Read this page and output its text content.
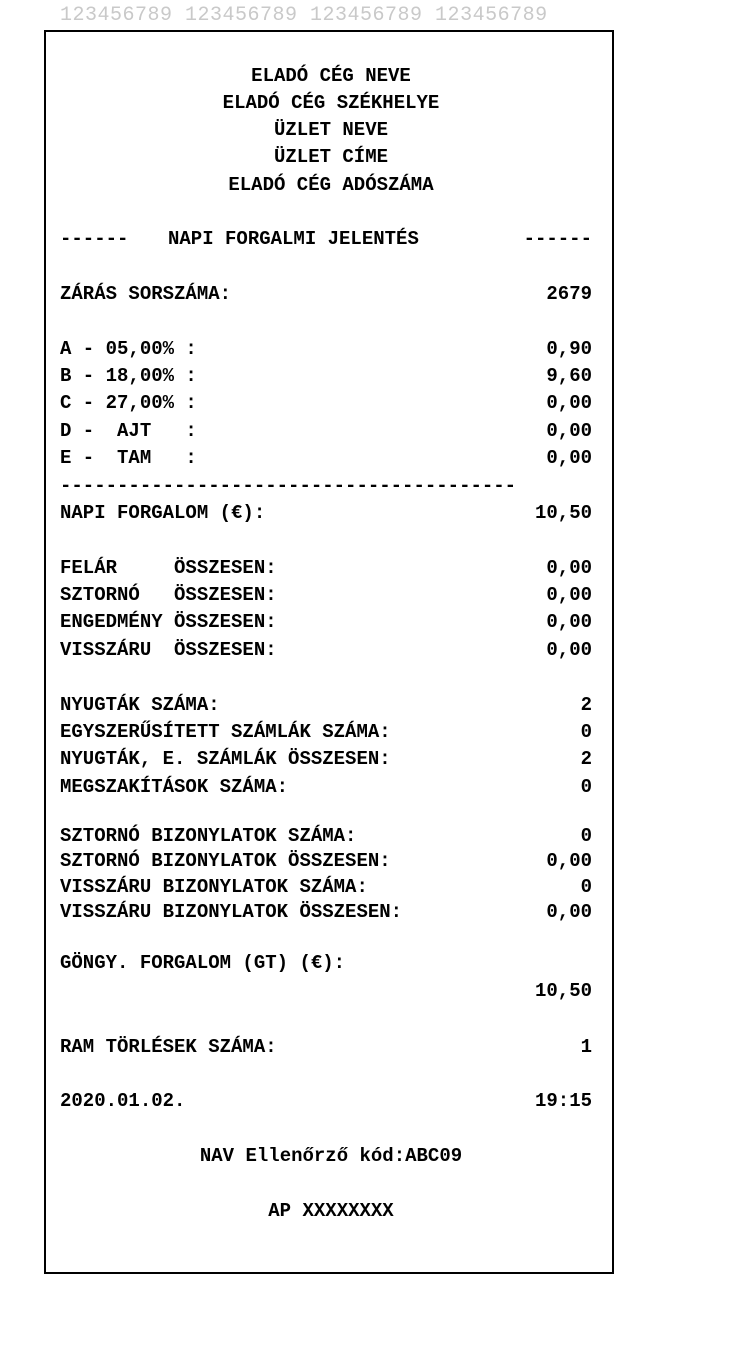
123456789 123456789 123456789 123456789
ELADÓ CÉG NEVE
ELADÓ CÉG SZÉKHELYE
ÜZLET NEVE
ÜZLET CÍME
ELADÓ CÉG ADÓSZÁMA
------ NAPI FORGALMI JELENTÉS	------
ZÁRÁS SORSZÁMA:	2679
A - 05,00% :	0,90
B - 18,00% :	9,60
C - 27,00% :	0,00
D -  AJT   :	0,00
E -  TAM   :	0,00
----------------------------------------
NAPI FORGALOM (€):	10,50
FELÁR     ÖSSZESEN:	0,00
SZTORNÓ   ÖSSZESEN:	0,00
ENGEDMÉNY ÖSSZESEN:	0,00
VISSZÁRU  ÖSSZESEN:	0,00
NYUGTÁK SZÁMA:	2
EGYSZERŰSÍTETT SZÁMLÁK SZÁMA:	0
NYUGTÁK, E. SZÁMLÁK ÖSSZESEN:	2
MEGSZAKÍTÁSOK SZÁMA:	0
SZTORNÓ BIZONYLATOK SZÁMA:	0
SZTORNÓ BIZONYLATOK ÖSSZESEN:	0,00
VISSZÁRU BIZONYLATOK SZÁMA:	0
VISSZÁRU BIZONYLATOK ÖSSZESEN:	0,00
GÖNGY. FORGALOM (GT) (€):
10,50
RAM TÖRLÉSEK SZÁMA:	1
2020.01.02.	19:15
NAV Ellenőrző kód:ABC09
AP XXXXXXXX
